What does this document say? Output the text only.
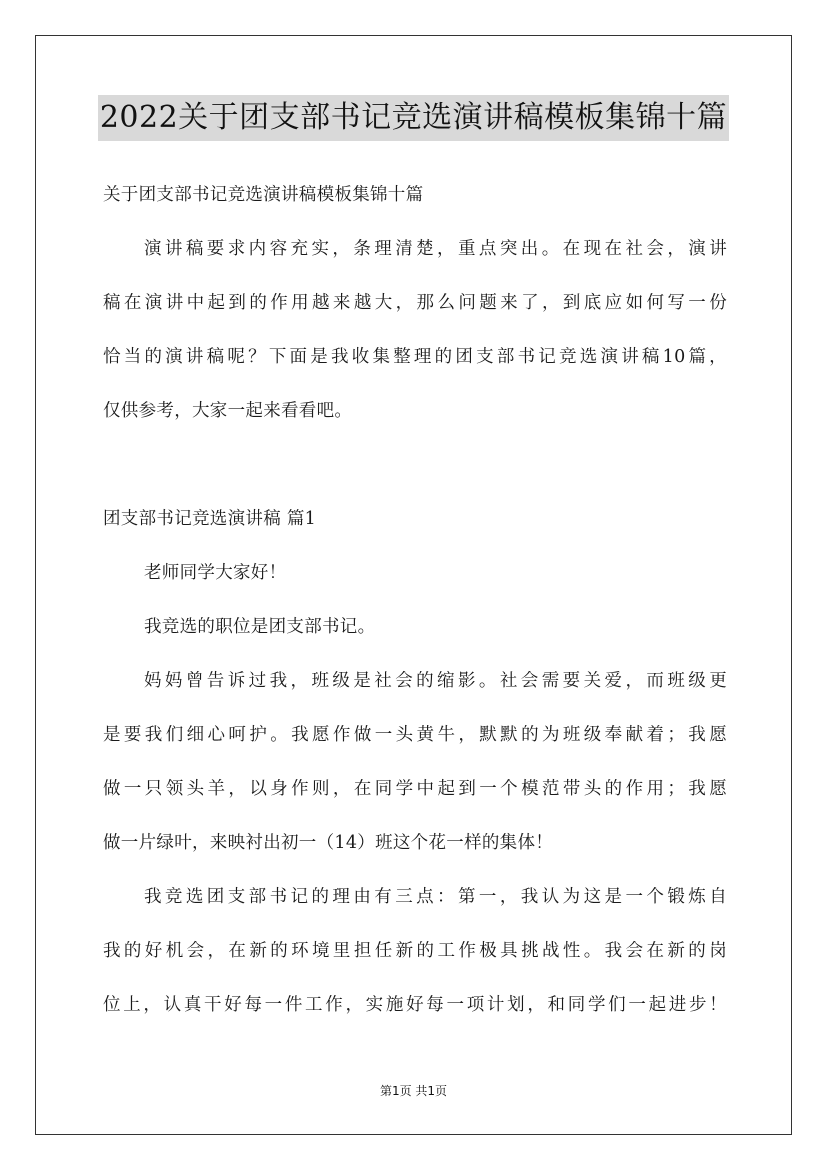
2022关于团支部书记竞选演讲稿模板集锦十篇
关于团支部书记竞选演讲稿模板集锦十篇
演讲稿要求内容充实，条理清楚，重点突出。在现在社会，演讲
稿在演讲中起到的作用越来越大，那么问题来了，到底应如何写一份
恰当的演讲稿呢？下面是我收集整理的团支部书记竞选演讲稿10篇，
仅供参考，大家一起来看看吧。
团支部书记竞选演讲稿 篇1
老师同学大家好！
我竞选的职位是团支部书记。
妈妈曾告诉过我，班级是社会的缩影。社会需要关爱，而班级更
是要我们细心呵护。我愿作做一头黄牛，默默的为班级奉献着；我愿
做一只领头羊，以身作则，在同学中起到一个模范带头的作用；我愿
做一片绿叶，来映衬出初一（14）班这个花一样的集体！
我竞选团支部书记的理由有三点：第一，我认为这是一个锻炼自
我的好机会，在新的环境里担任新的工作极具挑战性。我会在新的岗
位上，认真干好每一件工作，实施好每一项计划，和同学们一起进步！
第1页 共1页
